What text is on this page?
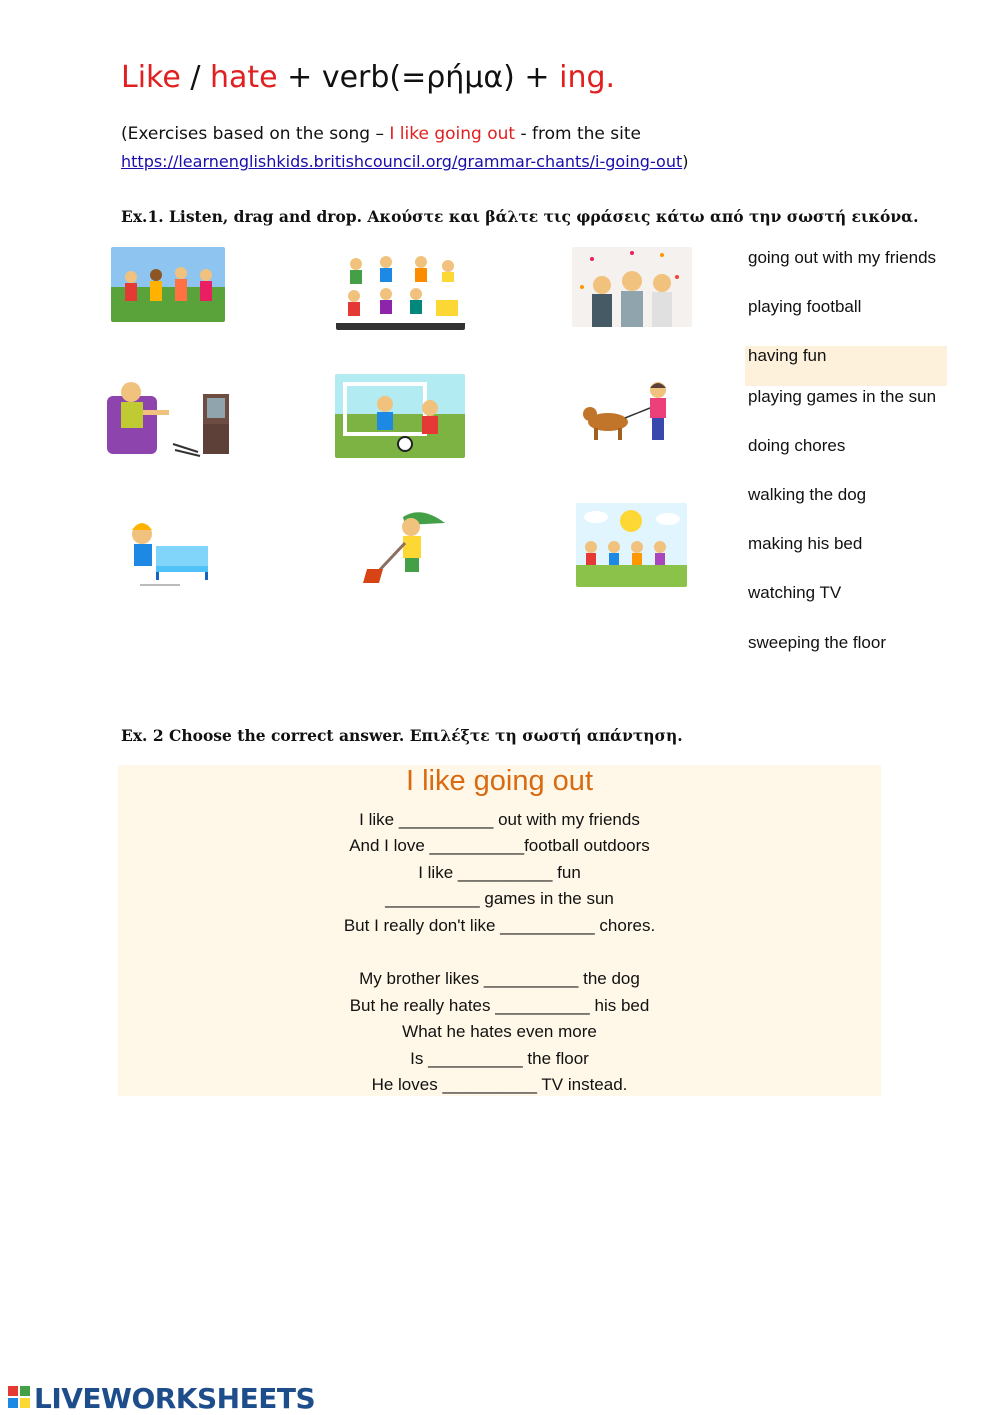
Like / hate + verb(=ρήμα) + ing.
(Exercises based on the song – I like going out - from the site
https://learnenglishkids.britishcouncil.org/grammar-chants/i-going-out)
Ex.1. Listen, drag and drop. Ακούστε και βάλτε τις φράσεις κάτω από την σωστή εικόνα.
going out with my friends
playing football
having fun
playing games in the sun
doing chores
walking the dog
making his bed
watching TV
sweeping the floor
Ex. 2 Choose the correct answer. Επιλέξτε τη σωστή απάντηση.
I like going out
I like __________ out with my friends
And I love __________football outdoors
I like __________ fun
__________ games in the sun
But I really don't like __________ chores.
My brother likes __________ the dog
But he really hates __________ his bed
What he hates even more
Is __________ the floor
He loves __________ TV instead.
LIVEWORKSHEETS
